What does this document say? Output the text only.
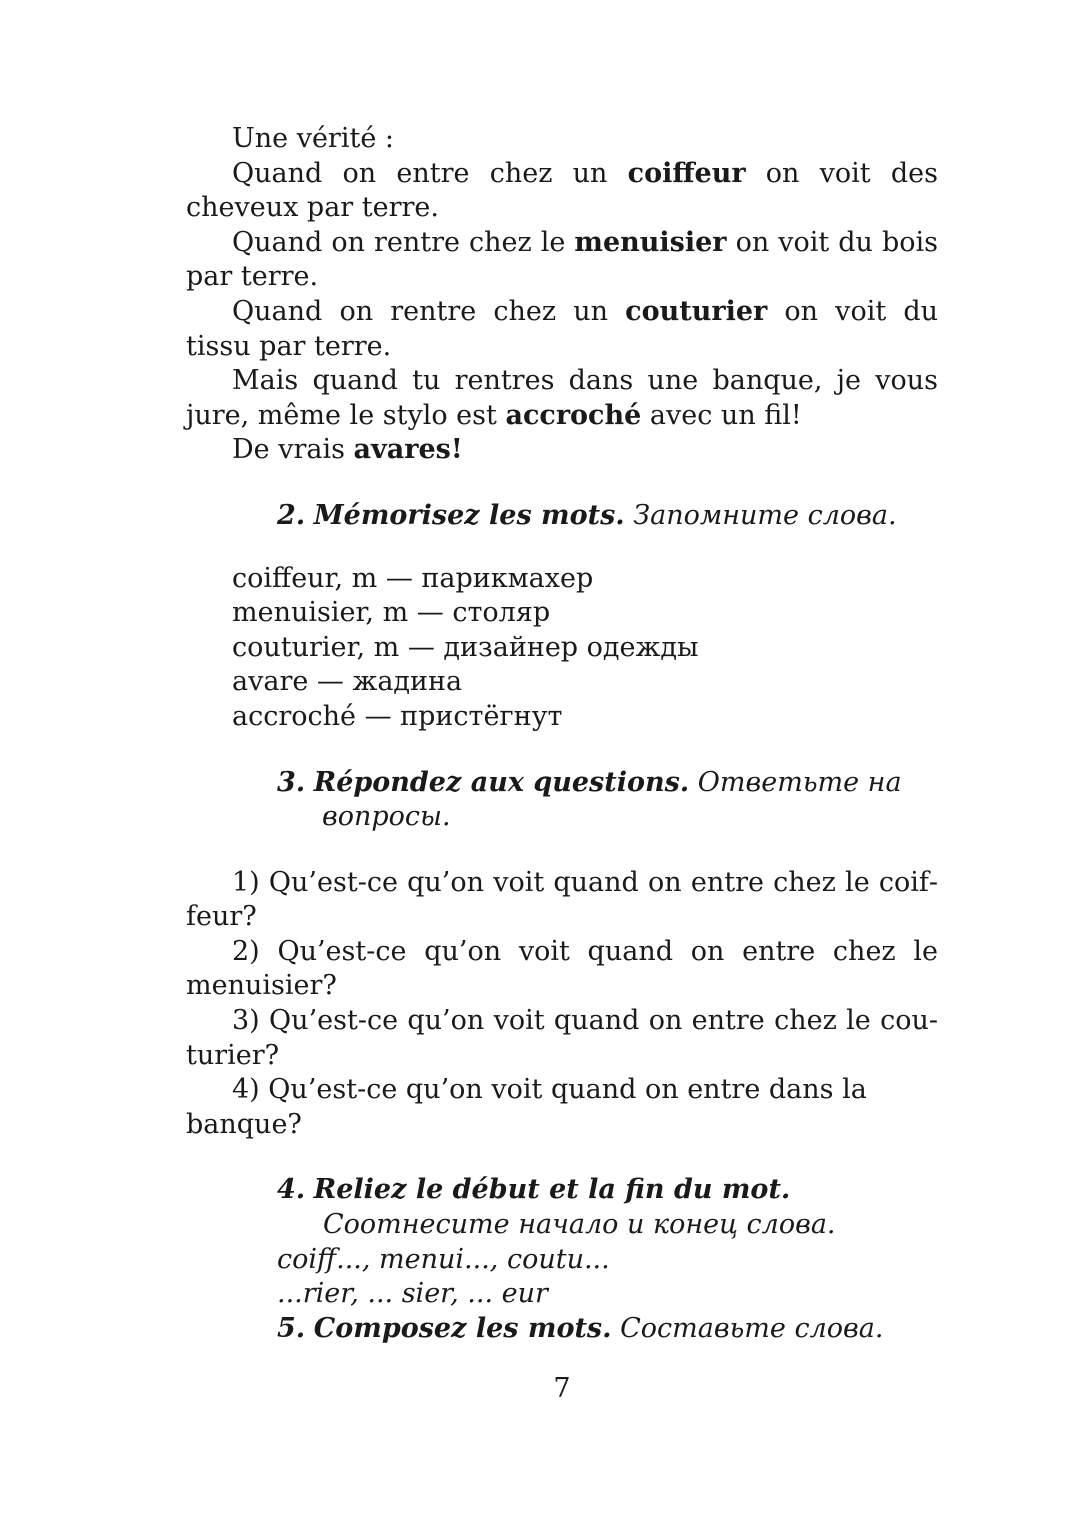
Une vérité :

Quand on entre chez un coiffeur on voit des cheveux par terre.

Quand on rentre chez le menuisier on voit du bois par terre.

Quand on rentre chez un couturier on voit du tissu par terre.

Mais quand tu rentres dans une banque, je vous jure, même le stylo est accroché avec un fil!

De vrais avares!

2. Mémorisez les mots. Запомните слова.

coiffeur, m — парикмахер
menuisier, m — столяр
couturier, m — дизайнер одежды
avare — жадина
accroché — пристёгнут

3. Répondez aux questions. Ответьте на вопросы.

1) Qu’est-ce qu’on voit quand on entre chez le coiffeur?

2) Qu’est-ce qu’on voit quand on entre chez le menuisier?

3) Qu’est-ce qu’on voit quand on entre chez le couturier?

4) Qu’est-ce qu’on voit quand on entre dans la banque?

4. Reliez le début et la fin du mot.

Соотнесите начало и конец слова.

coiff..., menui..., coutu...

...rier, ... sier, ... eur

5. Composez les mots. Составьте слова.

7
